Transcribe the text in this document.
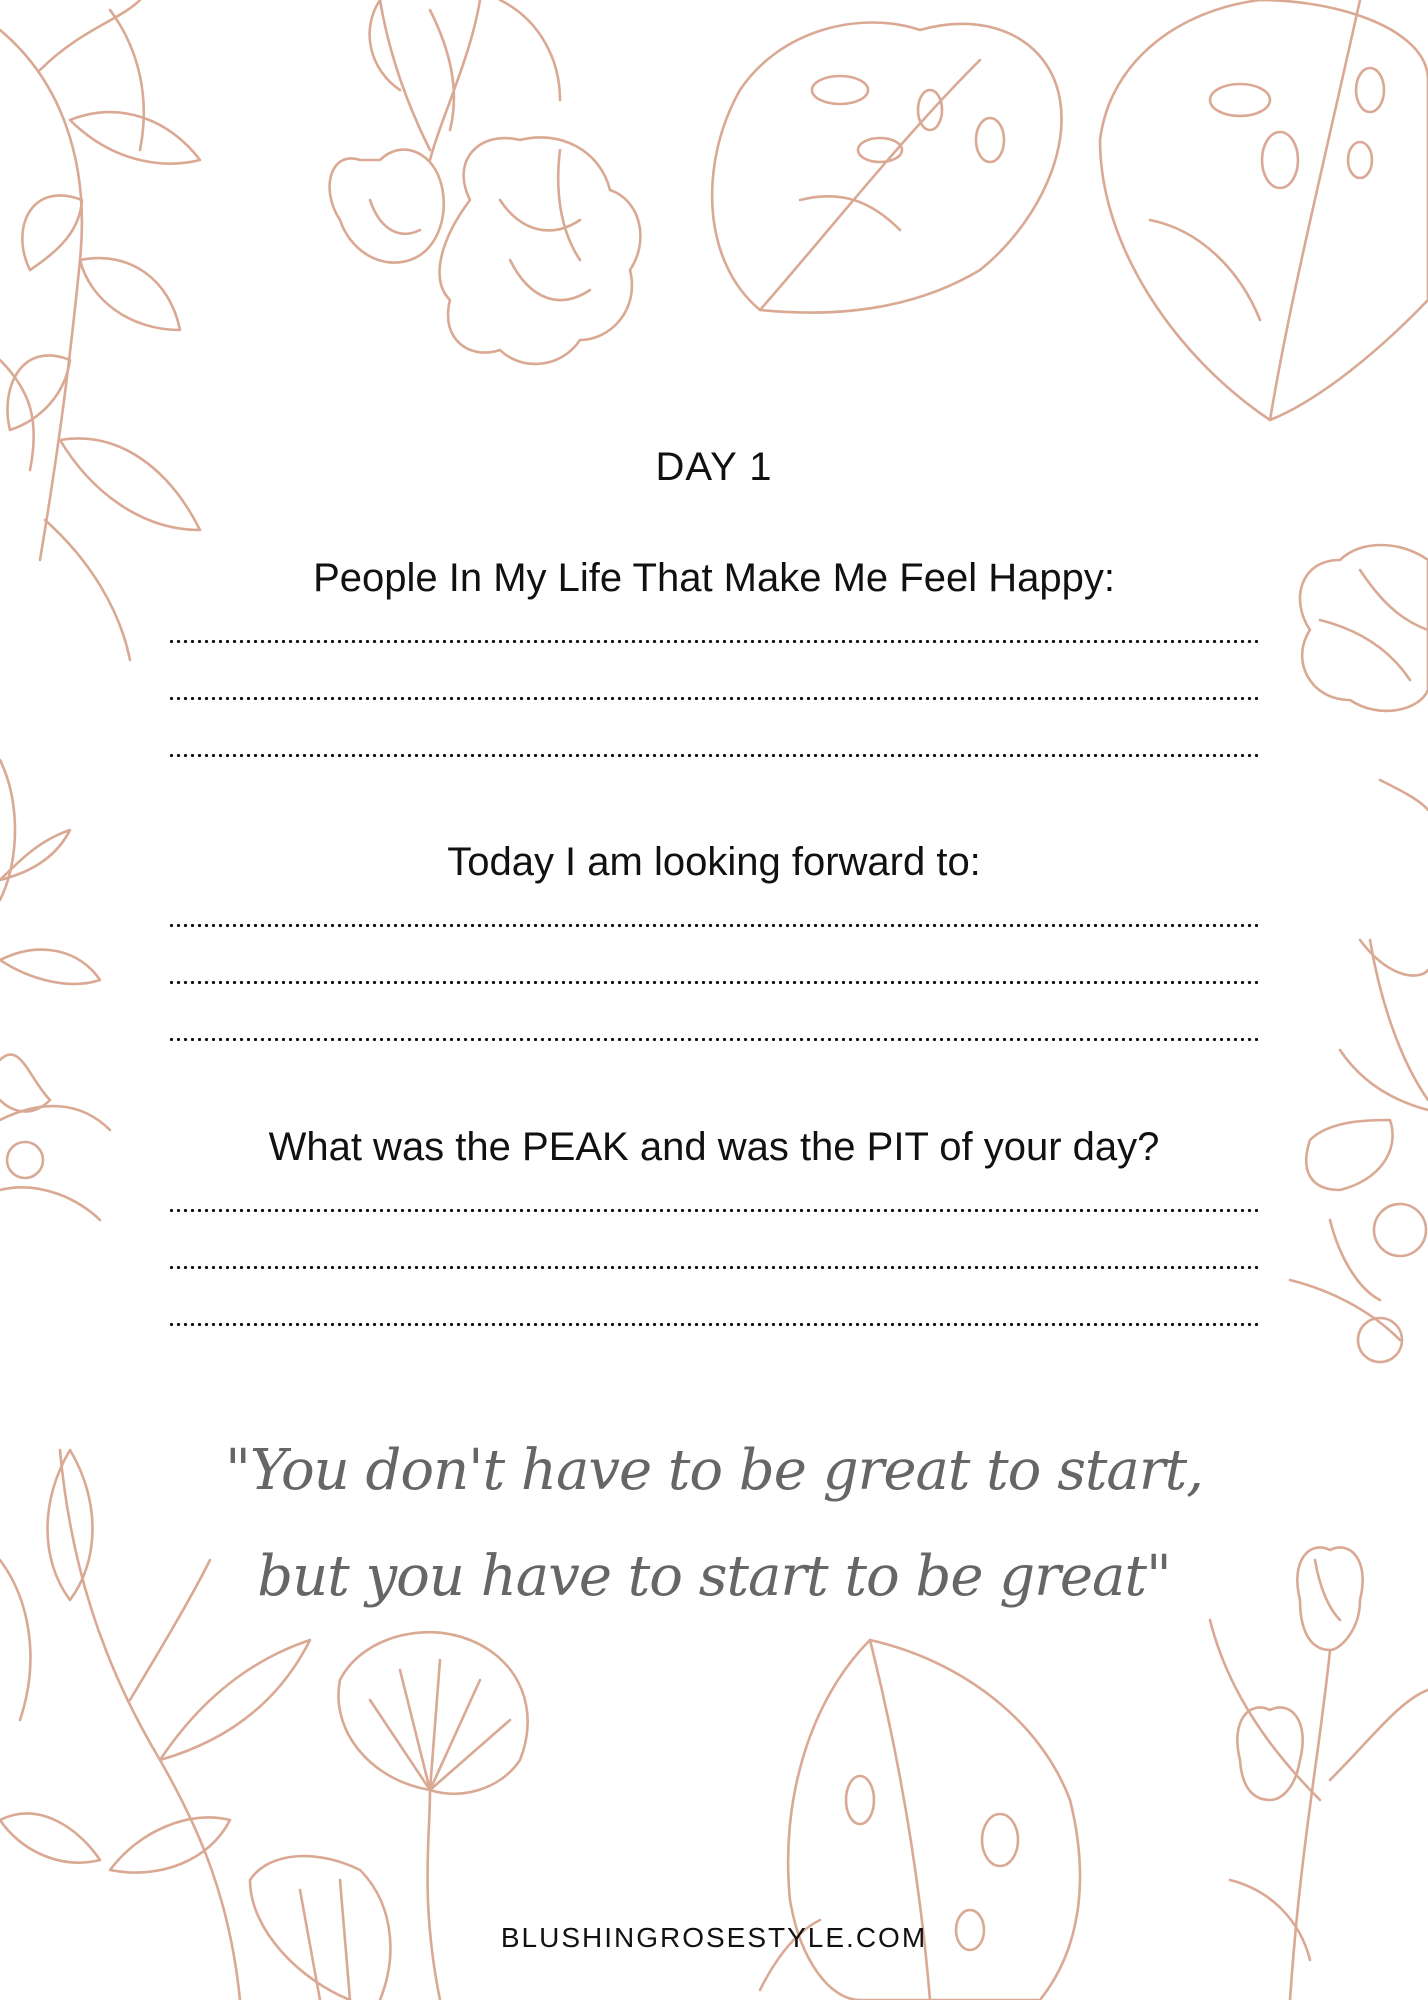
DAY 1
People In My Life That Make Me Feel Happy:
Today I am looking forward to:
What was the PEAK and was the PIT of your day?
"You don't have to be great to start,
but you have to start to be great"
BLUSHINGROSESTYLE.COM
